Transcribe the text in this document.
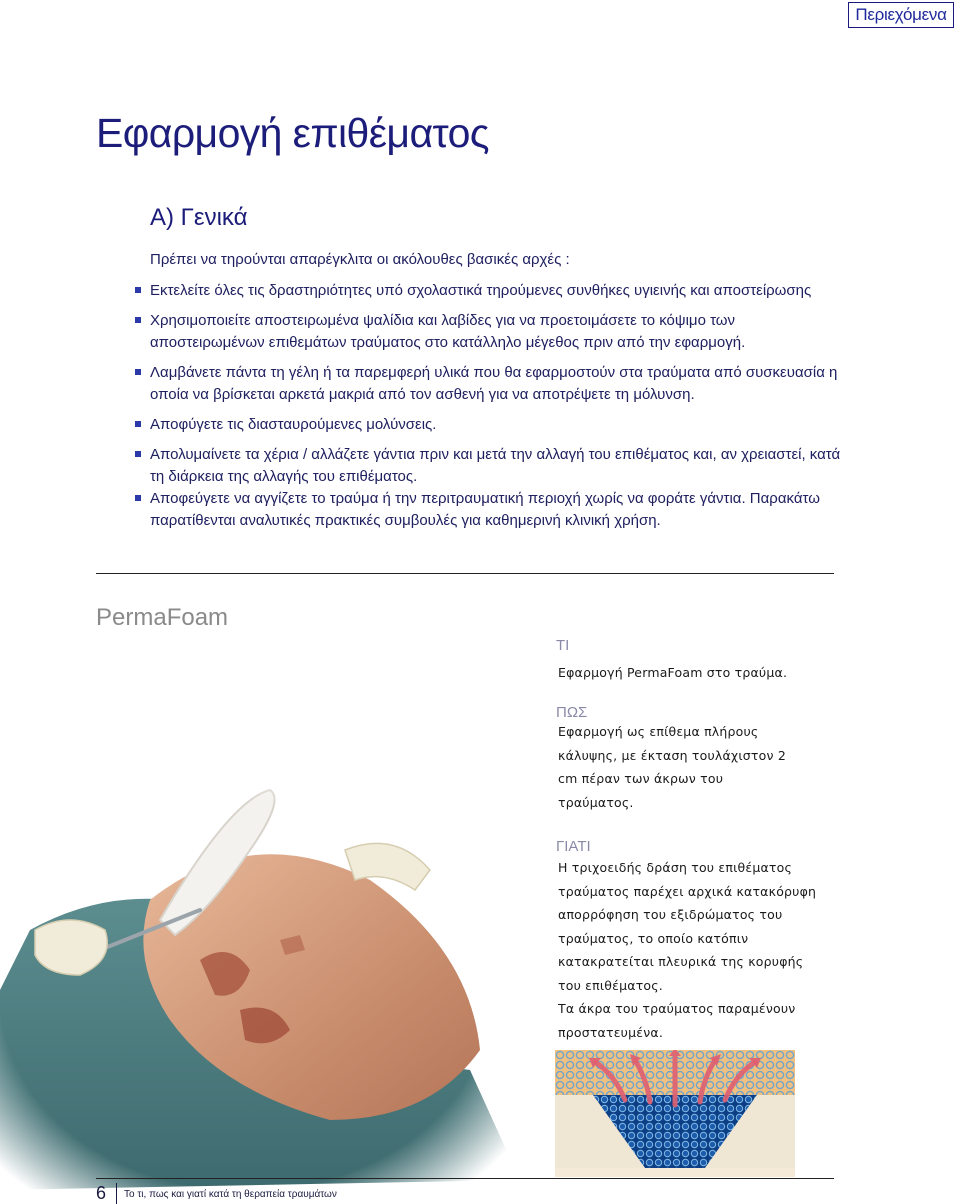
Περιεχόμενα
Εφαρμογή επιθέματος
Α) Γενικά
Πρέπει να τηρούνται απαρέγκλιτα οι ακόλουθες βασικές αρχές :
Εκτελείτε όλες τις δραστηριότητες υπό σχολαστικά τηρούμενες συνθήκες υγιεινής και αποστείρωσης
Χρησιμοποιείτε αποστειρωμένα ψαλίδια και λαβίδες για να προετοιμάσετε το κόψιμο των αποστειρωμένων επιθεμάτων τραύματος στο κατάλληλο μέγεθος πριν από την εφαρμογή.
Λαμβάνετε πάντα τη γέλη ή τα παρεμφερή υλικά που θα εφαρμοστούν στα τραύματα από συσκευασία η οποία να βρίσκεται αρκετά μακριά από τον ασθενή για να αποτρέψετε τη μόλυνση.
Αποφύγετε τις διασταυρούμενες μολύνσεις.
Απολυμαίνετε τα χέρια / αλλάζετε γάντια πριν και μετά την αλλαγή του επιθέματος και, αν χρειαστεί, κατά τη διάρκεια της αλλαγής του επιθέματος.
Αποφεύγετε να αγγίζετε το τραύμα ή την περιτραυματική περιοχή χωρίς να φοράτε γάντια. Παρακάτω παρατίθενται αναλυτικές πρακτικές συμβουλές για καθημερινή κλινική χρήση.
PermaFoam
ΤΙ
Εφαρμογή PermaFoam στο τραύμα.
ΠΩΣ
Εφαρμογή ως επίθεμα πλήρους
κάλυψης, με έκταση τουλάχιστον 2
cm πέραν των άκρων του
τραύματος.
ΓΙΑΤΙ
Η τριχοειδής δράση του επιθέματος
τραύματος παρέχει αρχικά κατακόρυφη
απορρόφηση του εξιδρώματος του
τραύματος, το οποίο κατόπιν
κατακρατείται πλευρικά της κορυφής
του επιθέματος.
Τα άκρα του τραύματος παραμένουν
προστατευμένα.
6 Το τι, πως και γιατί κατά τη θεραπεία τραυμάτων
